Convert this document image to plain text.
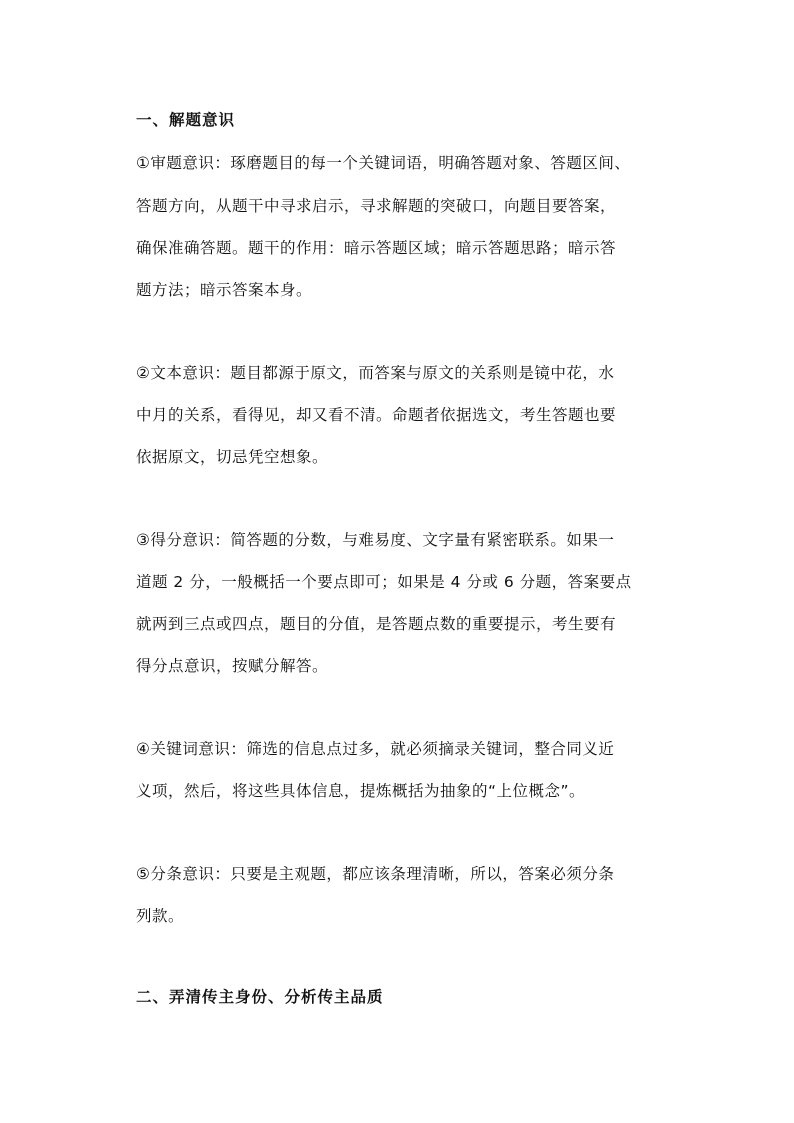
一、解题意识
①审题意识：琢磨题目的每一个关键词语，明确答题对象、答题区间、
答题方向，从题干中寻求启示，寻求解题的突破口，向题目要答案，
确保准确答题。题干的作用：暗示答题区域；暗示答题思路；暗示答
题方法；暗示答案本身。
②文本意识：题目都源于原文，而答案与原文的关系则是镜中花，水
中月的关系，看得见，却又看不清。命题者依据选文，考生答题也要
依据原文，切忌凭空想象。
③得分意识：简答题的分数，与难易度、文字量有紧密联系。如果一
道题 2 分，一般概括一个要点即可；如果是 4 分或 6 分题，答案要点
就两到三点或四点，题目的分值，是答题点数的重要提示，考生要有
得分点意识，按赋分解答。
④关键词意识：筛选的信息点过多，就必须摘录关键词，整合同义近
义项，然后，将这些具体信息，提炼概括为抽象的“上位概念”。
⑤分条意识：只要是主观题，都应该条理清晰，所以，答案必须分条
列款。
二、弄清传主身份、分析传主品质
